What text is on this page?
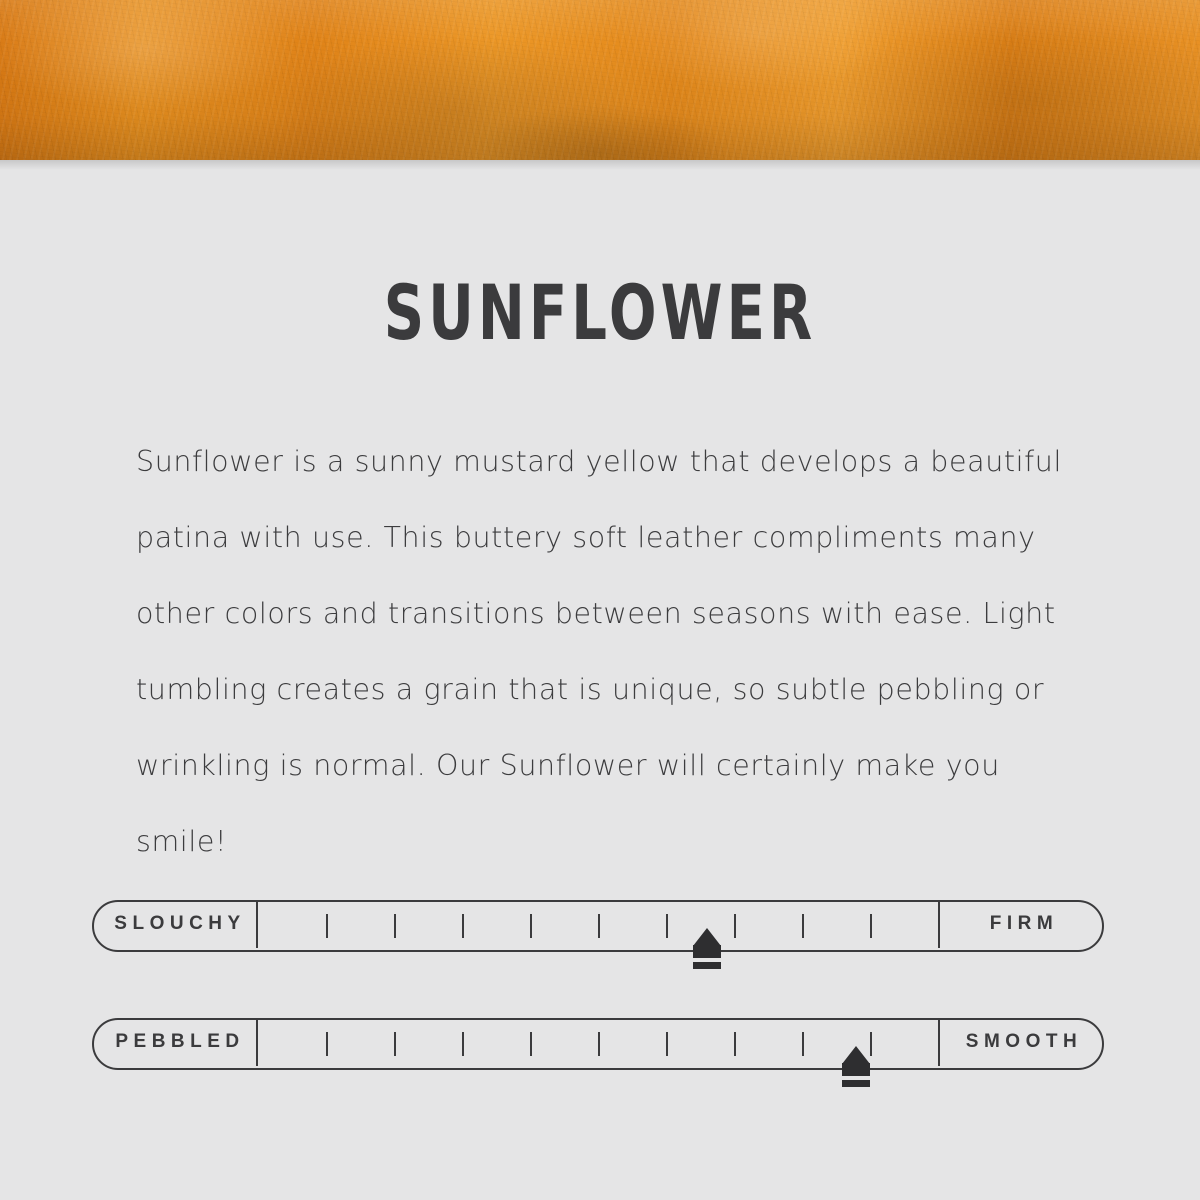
SUNFLOWER

Sunflower is a sunny mustard yellow that develops a beautiful

patina with use. This buttery soft leather compliments many

other colors and transitions between seasons with ease. Light

tumbling creates a grain that is unique, so subtle pebbling or

wrinkling is normal. Our Sunflower will certainly make you smile!

SLOUCHY	FIRM
PEBBLED	SMOOTH
